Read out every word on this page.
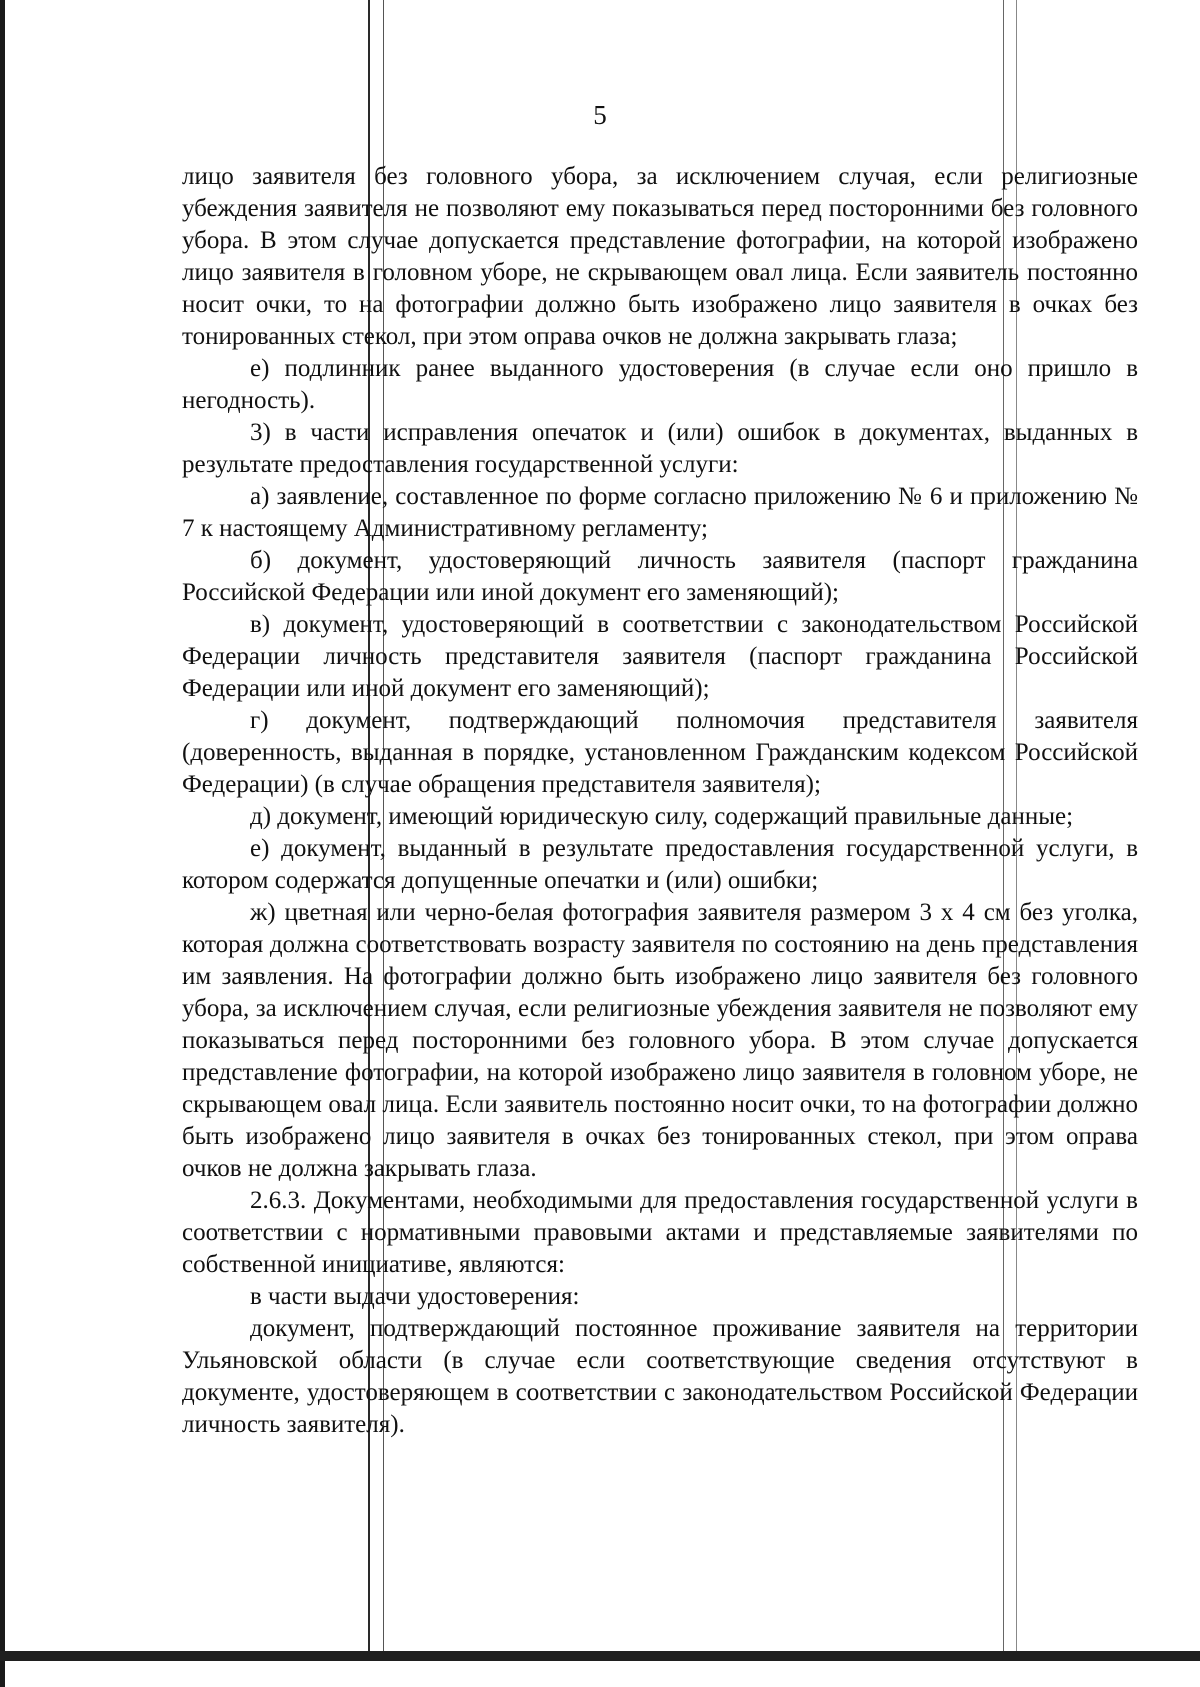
5

лицо заявителя без головного убора, за исключением случая, если религиозные убеждения заявителя не позволяют ему показываться перед посторонними без головного убора. В этом случае допускается представление фотографии, на которой изображено лицо заявителя в головном уборе, не скрывающем овал лица. Если заявитель постоянно носит очки, то на фотографии должно быть изображено лицо заявителя в очках без тонированных стекол, при этом оправа очков не должна закрывать глаза;

е) подлинник ранее выданного удостоверения (в случае если оно пришло в негодность).

3) в части исправления опечаток и (или) ошибок в документах, выданных в результате предоставления государственной услуги:

а) заявление, составленное по форме согласно приложению № 6 и приложению № 7 к настоящему Административному регламенту;

б) документ, удостоверяющий личность заявителя (паспорт гражданина Российской Федерации или иной документ его заменяющий);

в) документ, удостоверяющий в соответствии с законодательством Российской Федерации личность представителя заявителя (паспорт гражданина Российской Федерации или иной документ его заменяющий);

г) документ, подтверждающий полномочия представителя заявителя (доверенность, выданная в порядке, установленном Гражданским кодексом Российской Федерации) (в случае обращения представителя заявителя);

д) документ, имеющий юридическую силу, содержащий правильные данные;

е) документ, выданный в результате предоставления государственной услуги, в котором содержатся допущенные опечатки и (или) ошибки;

ж) цветная или черно-белая фотография заявителя размером 3 х 4 см без уголка, которая должна соответствовать возрасту заявителя по состоянию на день представления им заявления. На фотографии должно быть изображено лицо заявителя без головного убора, за исключением случая, если религиозные убеждения заявителя не позволяют ему показываться перед посторонними без головного убора. В этом случае допускается представление фотографии, на которой изображено лицо заявителя в головном уборе, не скрывающем овал лица. Если заявитель постоянно носит очки, то на фотографии должно быть изображено лицо заявителя в очках без тонированных стекол, при этом оправа очков не должна закрывать глаза.

2.6.3. Документами, необходимыми для предоставления государственной услуги в соответствии с нормативными правовыми актами и представляемые заявителями по собственной инициативе, являются:

в части выдачи удостоверения:

документ, подтверждающий постоянное проживание заявителя на территории Ульяновской области (в случае если соответствующие сведения отсутствуют в документе, удостоверяющем в соответствии с законодательством Российской Федерации личность заявителя).
